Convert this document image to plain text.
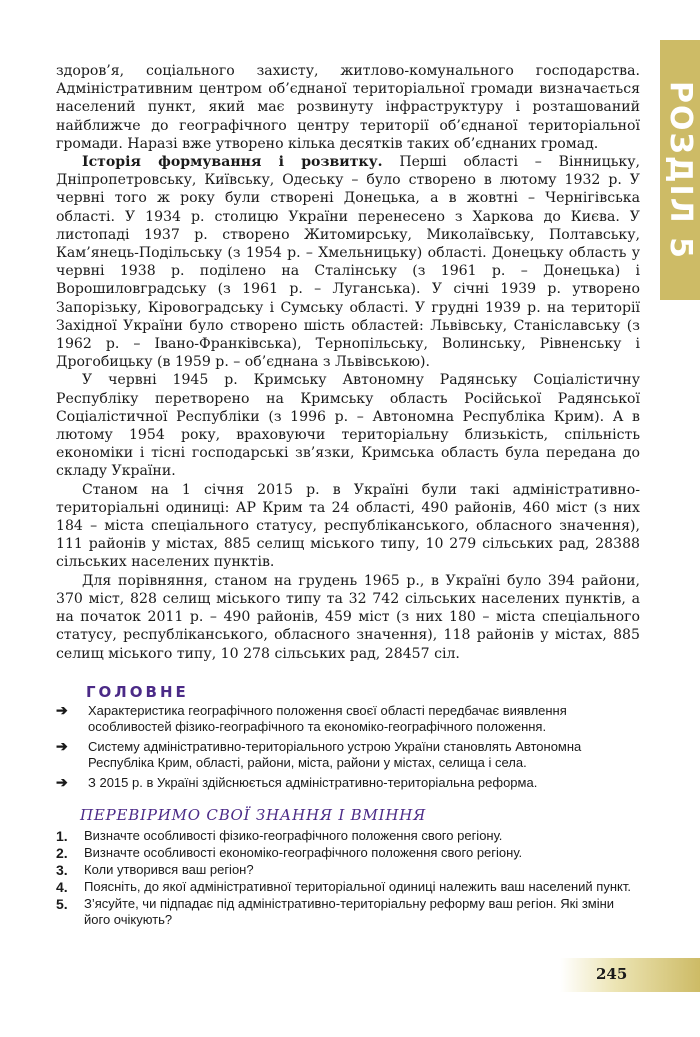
РОЗДІЛ 5

здоров’я, соціального захисту, житлово-комунального господарства. Адміністративним центром об’єднаної територіальної громади визначається населений пункт, який має розвинуту інфраструктуру і розташований найближче до географічного центру території об’єднаної територіальної громади. Наразі вже утворено кілька десятків таких об’єднаних громад.

Історія формування і розвитку. Перші області – Вінницьку, Дніпропетровську, Київську, Одеську – було створено в лютому 1932 р. У червні того ж року були створені Донецька, а в жовтні – Чернігівська області. У 1934 р. столицю України перенесено з Харкова до Києва. У листопаді 1937 р. створено Житомирську, Миколаївську, Полтавську, Кам’янець-Подільську (з 1954 р. – Хмельницьку) області. Донецьку область у червні 1938 р. поділено на Сталінську (з 1961 р. – Донецька) і Ворошиловградську (з 1961 р. – Луганська). У січні 1939 р. утворено Запорізьку, Кіровоградську і Сумську області. У грудні 1939 р. на території Західної України було створено шість областей: Львівську, Станіславську (з 1962 р. – Івано-Франківська), Тернопільську, Волинську, Рівненську і Дрогобицьку (в 1959 р. – об’єднана з Львівською).

У червні 1945 р. Кримську Автономну Радянську Соціалістичну Республіку перетворено на Кримську область Російської Радянської Соціалістичної Республіки (з 1996 р. – Автономна Республіка Крим). А в лютому 1954 року, враховуючи територіальну близькість, спільність економіки і тісні господарські зв’язки, Кримська область була передана до складу України.

Станом на 1 січня 2015 р. в Україні були такі адміністративно-територіальні одиниці: АР Крим та 24 області, 490 районів, 460 міст (з них 184 – міста спеціального статусу, республіканського, обласного значення), 111 районів у містах, 885 селищ міського типу, 10 279 сільських рад, 28388 сільських населених пунктів.

Для порівняння, станом на грудень 1965 р., в Україні було 394 райони, 370 міст, 828 селищ міського типу та 32 742 сільських населених пунктів, а на початок 2011 р. – 490 районів, 459 міст (з них 180 – міста спеціального статусу, республіканського, обласного значення), 118 районів у містах, 885 селищ міського типу, 10 278 сільських рад, 28457 сіл.

ГОЛОВНЕ
➔ Характеристика географічного положення своєї області передбачає виявлення особливостей фізико-географічного та економіко-географічного положення.
➔ Систему адміністративно-територіального устрою України становлять Автономна Республіка Крим, області, райони, міста, райони у містах, селища і села.
➔ З 2015 р. в Україні здійснюється адміністративно-територіальна реформа.
ПЕРЕВІРИМО СВОЇ ЗНАННЯ І ВМІННЯ
1. Визначте особливості фізико-географічного положення свого регіону.
2. Визначте особливості економіко-географічного положення свого регіону.
3. Коли утворився ваш регіон?
4. Поясніть, до якої адміністративної територіальної одиниці належить ваш населений пункт.
5. З’ясуйте, чи підпадає під адміністративно-територіальну реформу ваш регіон. Які зміни його очікують?
245
